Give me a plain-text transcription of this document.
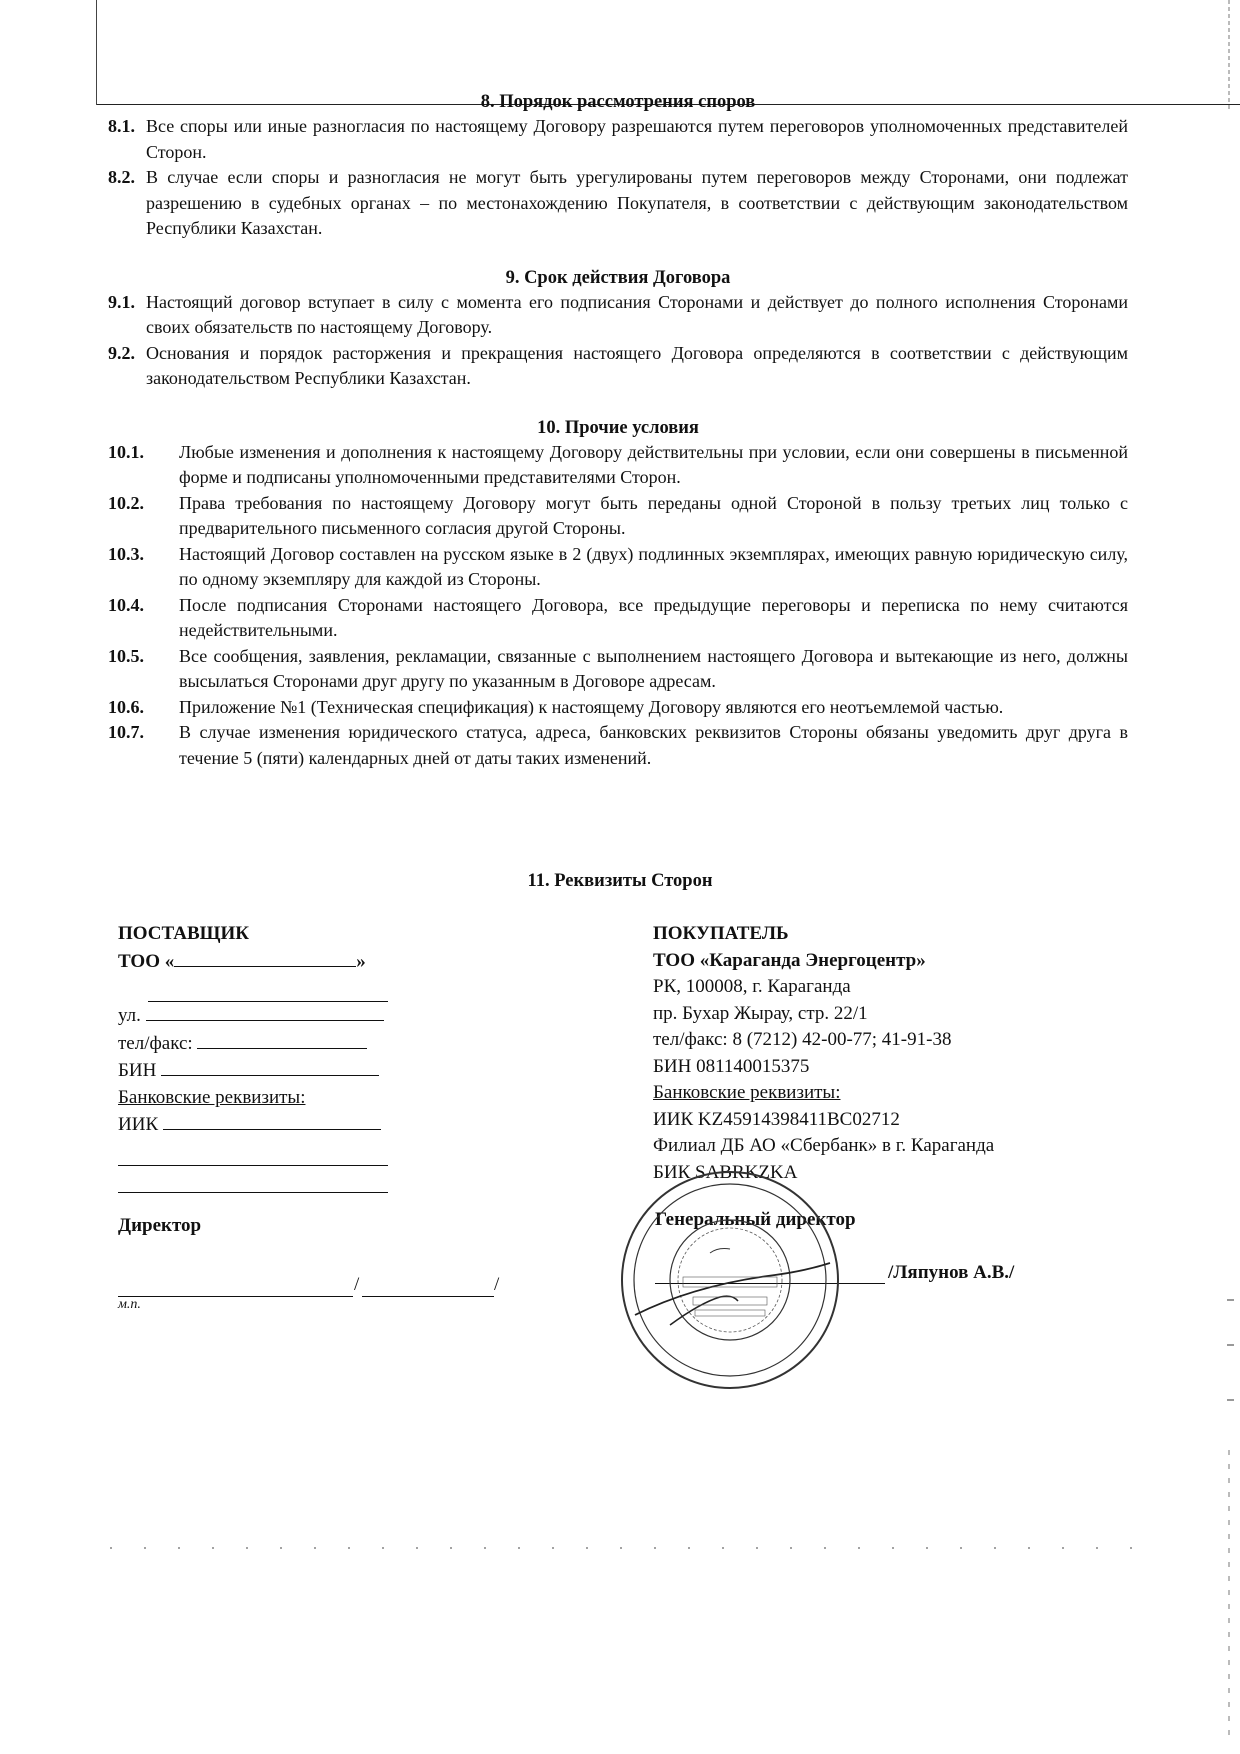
8. Порядок рассмотрения споров
8.1. Все споры или иные разногласия по настоящему Договору разрешаются путем переговоров уполномоченных представителей Сторон.
8.2. В случае если споры и разногласия не могут быть урегулированы путем переговоров между Сторонами, они подлежат разрешению в судебных органах – по местонахождению Покупателя, в соответствии с действующим законодательством Республики Казахстан.
9. Срок действия Договора
9.1. Настоящий договор вступает в силу с момента его подписания Сторонами и действует до полного исполнения Сторонами своих обязательств по настоящему Договору.
9.2. Основания и порядок расторжения и прекращения настоящего Договора определяются в соответствии с действующим законодательством Республики Казахстан.
10. Прочие условия
10.1.	Любые изменения и дополнения к настоящему Договору действительны при условии, если они совершены в письменной форме и подписаны уполномоченными представителями Сторон.
10.2.	Права требования по настоящему Договору могут быть переданы одной Стороной в пользу третьих лиц только с предварительного письменного согласия другой Стороны.
10.3.	Настоящий Договор составлен на русском языке в 2 (двух) подлинных экземплярах, имеющих равную юридическую силу, по одному экземпляру для каждой из Стороны.
10.4.	После подписания Сторонами настоящего Договора, все предыдущие переговоры и переписка по нему считаются недействительными.
10.5.	Все сообщения, заявления, рекламации, связанные с выполнением настоящего Договора и вытекающие из него, должны высылаться Сторонами друг другу по указанным в Договоре адресам.
10.6.	Приложение №1 (Техническая спецификация) к настоящему Договору являются его неотъемлемой частью.
10.7.	В случае изменения юридического статуса, адреса, банковских реквизитов Стороны обязаны уведомить друг друга в течение 5 (пяти) календарных дней от даты таких изменений.
11. Реквизиты Сторон
ПОСТАВЩИК
ТОО «	»
ул.
тел/факс:
БИН
Банковские реквизиты:
ИИК
Директор
/	/
м.п.
ПОКУПАТЕЛЬ
ТОО «Караганда Энергоцентр»
РК, 100008, г. Караганда
пр. Бухар Жырау, стр. 22/1
тел/факс: 8 (7212) 42-00-77; 41-91-38
БИН 081140015375
Банковские реквизиты:
ИИК KZ45914398411BC02712
Филиал ДБ АО «Сбербанк» в г. Караганда
БИК SABRKZKA
Генеральный директор
/Ляпунов А.В./
